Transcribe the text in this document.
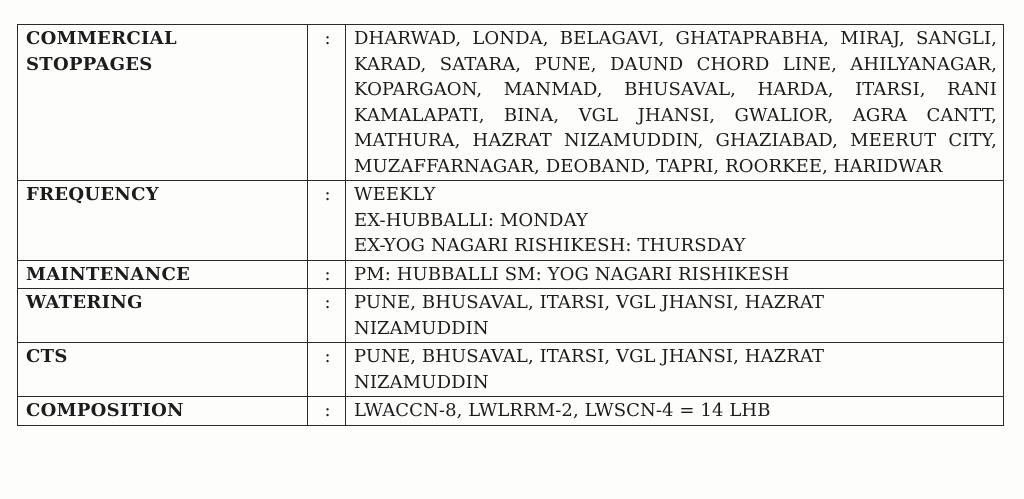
COMMERCIAL
STOPPAGES	:	DHARWAD, LONDA, BELAGAVI, GHATAPRABHA, MIRAJ, SANGLI, KARAD, SATARA, PUNE, DAUND CHORD LINE, AHILYANAGAR, KOPARGAON, MANMAD, BHUSAVAL, HARDA, ITARSI, RANI KAMALAPATI, BINA, VGL JHANSI, GWALIOR, AGRA CANTT, MATHURA, HAZRAT NIZAMUDDIN, GHAZIABAD, MEERUT CITY, MUZAFFARNAGAR, DEOBAND, TAPRI, ROORKEE, HARIDWAR
FREQUENCY	:	WEEKLY
EX-HUBBALLI: MONDAY
EX-YOG NAGARI RISHIKESH: THURSDAY

MAINTENANCE	:	PM: HUBBALLI SM: YOG NAGARI RISHIKESH
WATERING	:	PUNE, BHUSAVAL, ITARSI, VGL JHANSI, HAZRAT
NIZAMUDDIN

CTS	:	PUNE, BHUSAVAL, ITARSI, VGL JHANSI, HAZRAT
NIZAMUDDIN

COMPOSITION	:	LWACCN-8, LWLRRM-2, LWSCN-4 = 14 LHB
